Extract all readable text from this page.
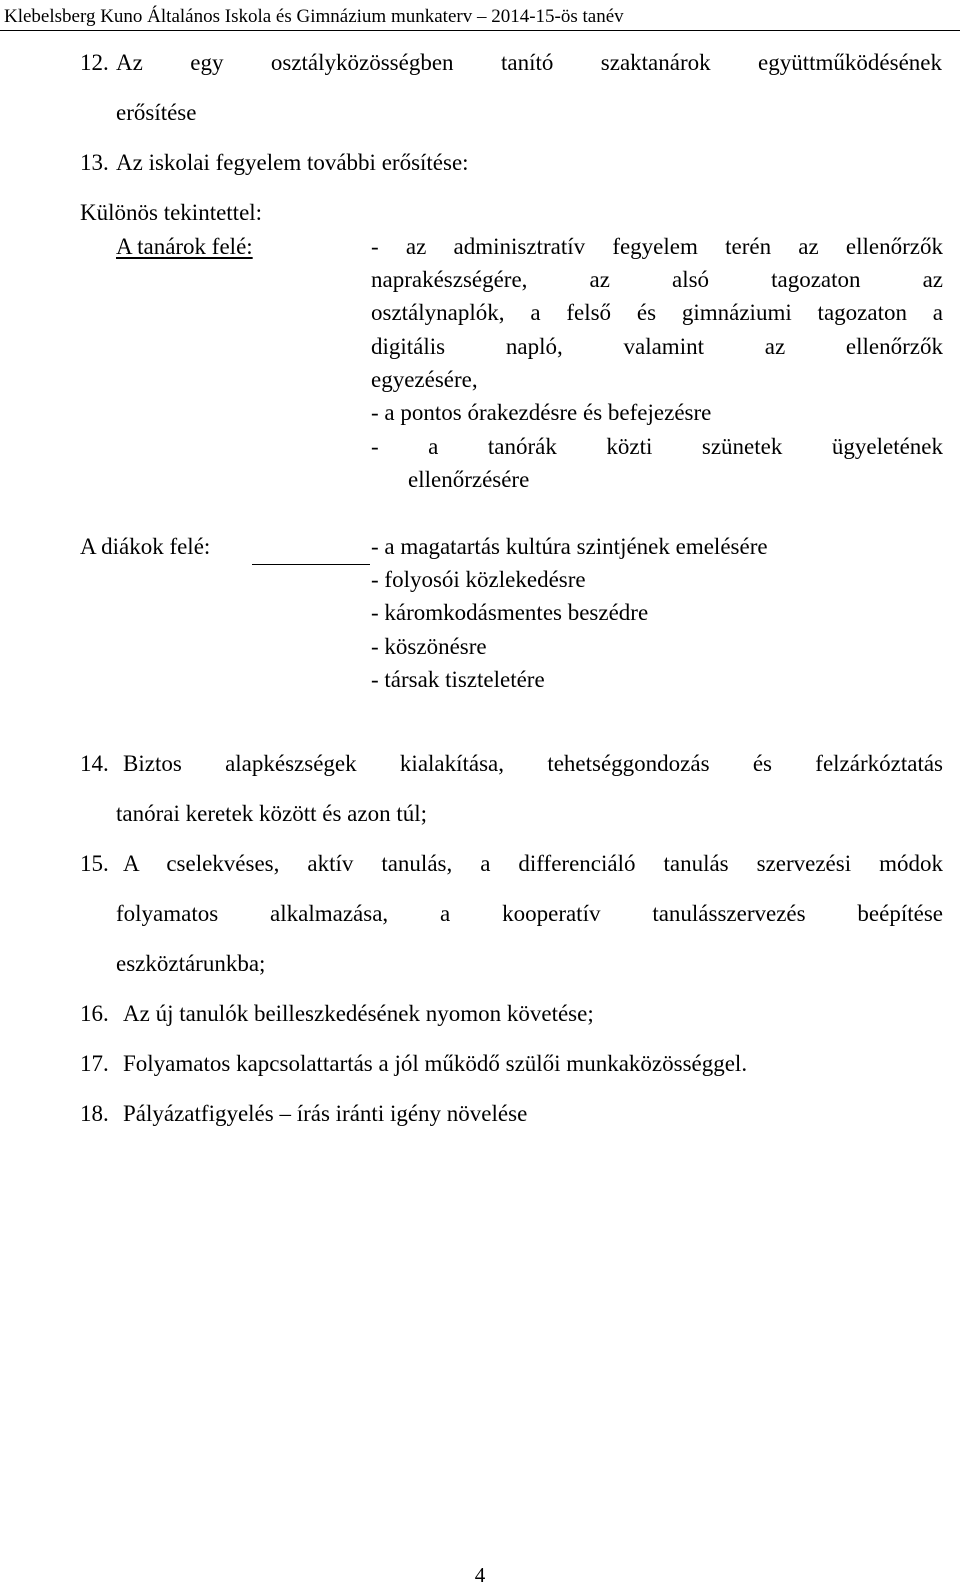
Klebelsberg Kuno Általános Iskola és Gimnázium munkaterv – 2014-15-ös tanév
12. Az egy osztályközösségben tanító szaktanárok együttműködésének
erősítése
13. Az iskolai fegyelem további erősítése:
Különös tekintettel:
A tanárok felé:	- az adminisztratív fegyelem terén az ellenőrzők
naprakészségére, az alsó tagozaton az
osztálynaplók, a felső és gimnáziumi tagozaton a
digitális napló, valamint az ellenőrzők
egyezésére,
- a pontos órakezdésre és befejezésre
- a tanórák közti szünetek ügyeletének
ellenőrzésére
A diákok felé:	- a magatartás kultúra szintjének emelésére
- folyosói közlekedésre
- káromkodásmentes beszédre
- köszönésre
- társak tiszteletére
14. Biztos alapkészségek kialakítása, tehetséggondozás és felzárkóztatás
tanórai keretek között és azon túl;
15. A cselekvéses, aktív tanulás, a differenciáló tanulás szervezési módok
folyamatos alkalmazása, a kooperatív tanulásszervezés beépítése
eszköztárunkba;
16. Az új tanulók beilleszkedésének nyomon követése;
17. Folyamatos kapcsolattartás a jól működő szülői munkaközösséggel.
18. Pályázatfigyelés – írás iránti igény növelése
4
